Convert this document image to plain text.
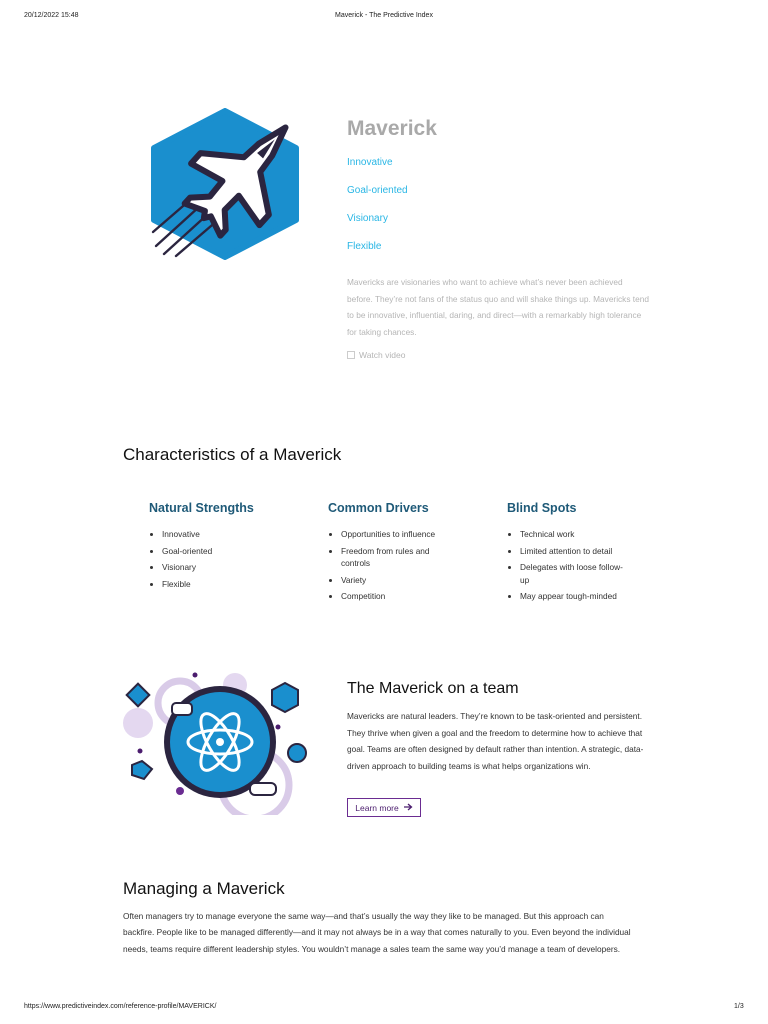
20/12/2022 15:48	Maverick - The Predictive Index
Maverick
Innovative
Goal-oriented
Visionary
Flexible
Mavericks are visionaries who want to achieve what’s never been achieved before. They’re not fans of the status quo and will shake things up. Mavericks tend to be innovative, influential, daring, and direct—with a remarkably high tolerance for taking chances.
Watch video
Characteristics of a Maverick
Natural Strengths
• Innovative
• Goal-oriented
• Visionary
• Flexible
Common Drivers
• Opportunities to influence
• Freedom from rules and controls
• Variety
• Competition
Blind Spots
• Technical work
• Limited attention to detail
• Delegates with loose follow-up
• May appear tough-minded
The Maverick on a team
Mavericks are natural leaders. They’re known to be task-oriented and persistent. They thrive when given a goal and the freedom to determine how to achieve that goal. Teams are often designed by default rather than intention. A strategic, data-driven approach to building teams is what helps organizations win.
Learn more
Managing a Maverick
Often managers try to manage everyone the same way—and that’s usually the way they like to be managed. But this approach can backfire. People like to be managed differently—and it may not always be in a way that comes naturally to you. Even beyond the individual needs, teams require different leadership styles. You wouldn’t manage a sales team the same way you’d manage a team of developers.
https://www.predictiveindex.com/reference-profile/MAVERICK/	1/3
